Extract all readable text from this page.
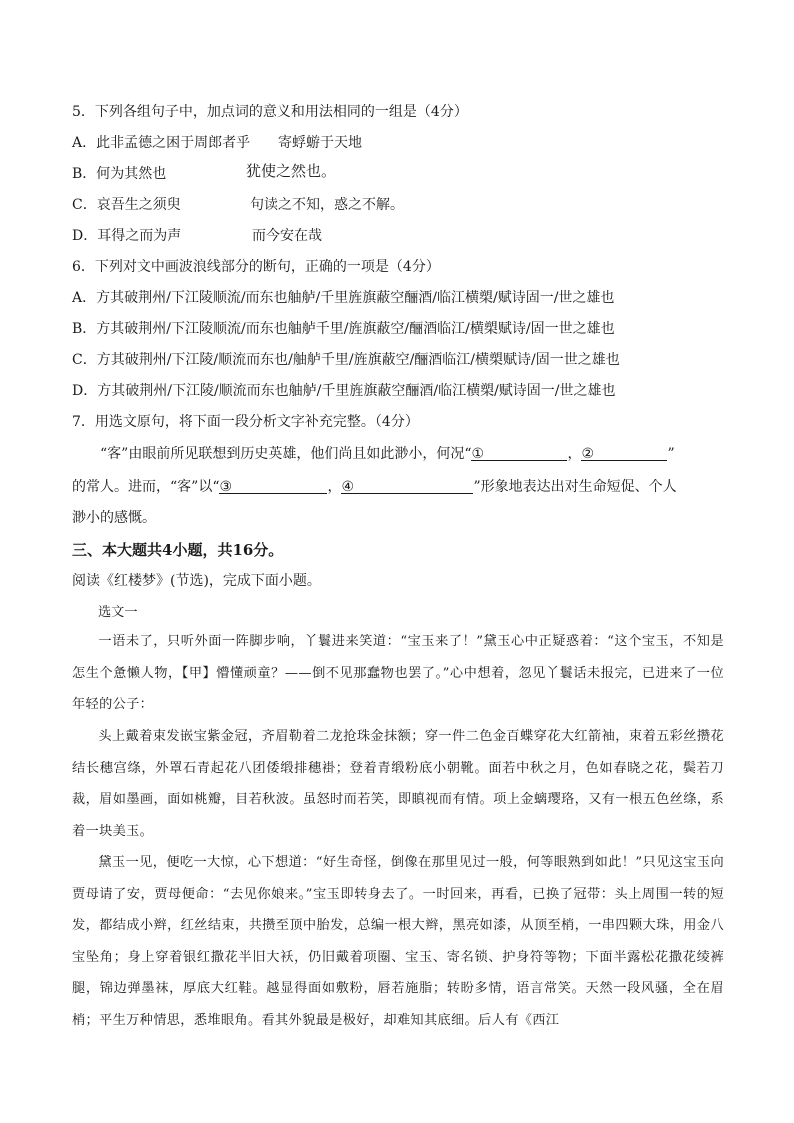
5．下列各组句子中，加点词的意义和用法相同的一组是（4分）
A．此非孟德之困于周郎者乎 寄蜉蝣于天地
B．何为其然也	犹使之然也。
C．哀吾生之须臾	句读之不知，惑之不解。
D．耳得之而为声	而今安在哉
6．下列对文中画波浪线部分的断句，正确的一项是（4分）
A．方其破荆州/下江陵顺流/而东也舳舻/千里旌旗蔽空酾酒/临江横槊/赋诗固一/世之雄也
B．方其破荆州/下江陵顺流/而东也舳舻千里/旌旗蔽空/酾酒临江/横槊赋诗/固一世之雄也
C．方其破荆州/下江陵/顺流而东也/舳舻千里/旌旗蔽空/酾酒临江/横槊赋诗/固一世之雄也
D．方其破荆州/下江陵/顺流而东也舳舻/千里旌旗蔽空酾酒/临江横槊/赋诗固一/世之雄也
7．用选文原句，将下面一段分析文字补充完整。（4分）
“客”由眼前所见联想到历史英雄，他们尚且如此渺小，何况“①	，②	”
的常人。进而，“客”以“③	，④	”形象地表达出对生命短促、个人
渺小的感慨。
三、本大题共4小题，共16分。
阅读《红楼梦》(节选)，完成下面小题。
选文一
一语未了，只听外面一阵脚步响，丫鬟进来笑道：“宝玉来了！”黛玉心中正疑惑着：“这个宝玉，不知是怎生个惫懒人物，【甲】懵懂顽童？——倒不见那蠢物也罢了。”心中想着，忽见丫鬟话未报完，已进来了一位年轻的公子：
头上戴着束发嵌宝紫金冠，齐眉勒着二龙抢珠金抹额；穿一件二色金百蝶穿花大红箭袖，束着五彩丝攒花结长穗宫绦，外罩石青起花八团倭缎排穗褂；登着青缎粉底小朝靴。面若中秋之月，色如春晓之花，鬓若刀裁，眉如墨画，面如桃瓣，目若秋波。虽怒时而若笑，即瞋视而有情。项上金螭璎珞，又有一根五色丝绦，系着一块美玉。
黛玉一见，便吃一大惊，心下想道：“好生奇怪，倒像在那里见过一般，何等眼熟到如此！”只见这宝玉向贾母请了安，贾母便命：“去见你娘来。”宝玉即转身去了。一时回来，再看，已换了冠带：头上周围一转的短发，都结成小辫，红丝结束，共攒至顶中胎发，总编一根大辫，黑亮如漆，从顶至梢，一串四颗大珠，用金八宝坠角；身上穿着银红撒花半旧大袄，仍旧戴着项圈、宝玉、寄名锁、护身符等物；下面半露松花撒花绫裤腿，锦边弹墨袜，厚底大红鞋。越显得面如敷粉，唇若施脂；转盼多情，语言常笑。天然一段风骚，全在眉梢；平生万种情思，悉堆眼角。看其外貌最是极好，却难知其底细。后人有《西江
